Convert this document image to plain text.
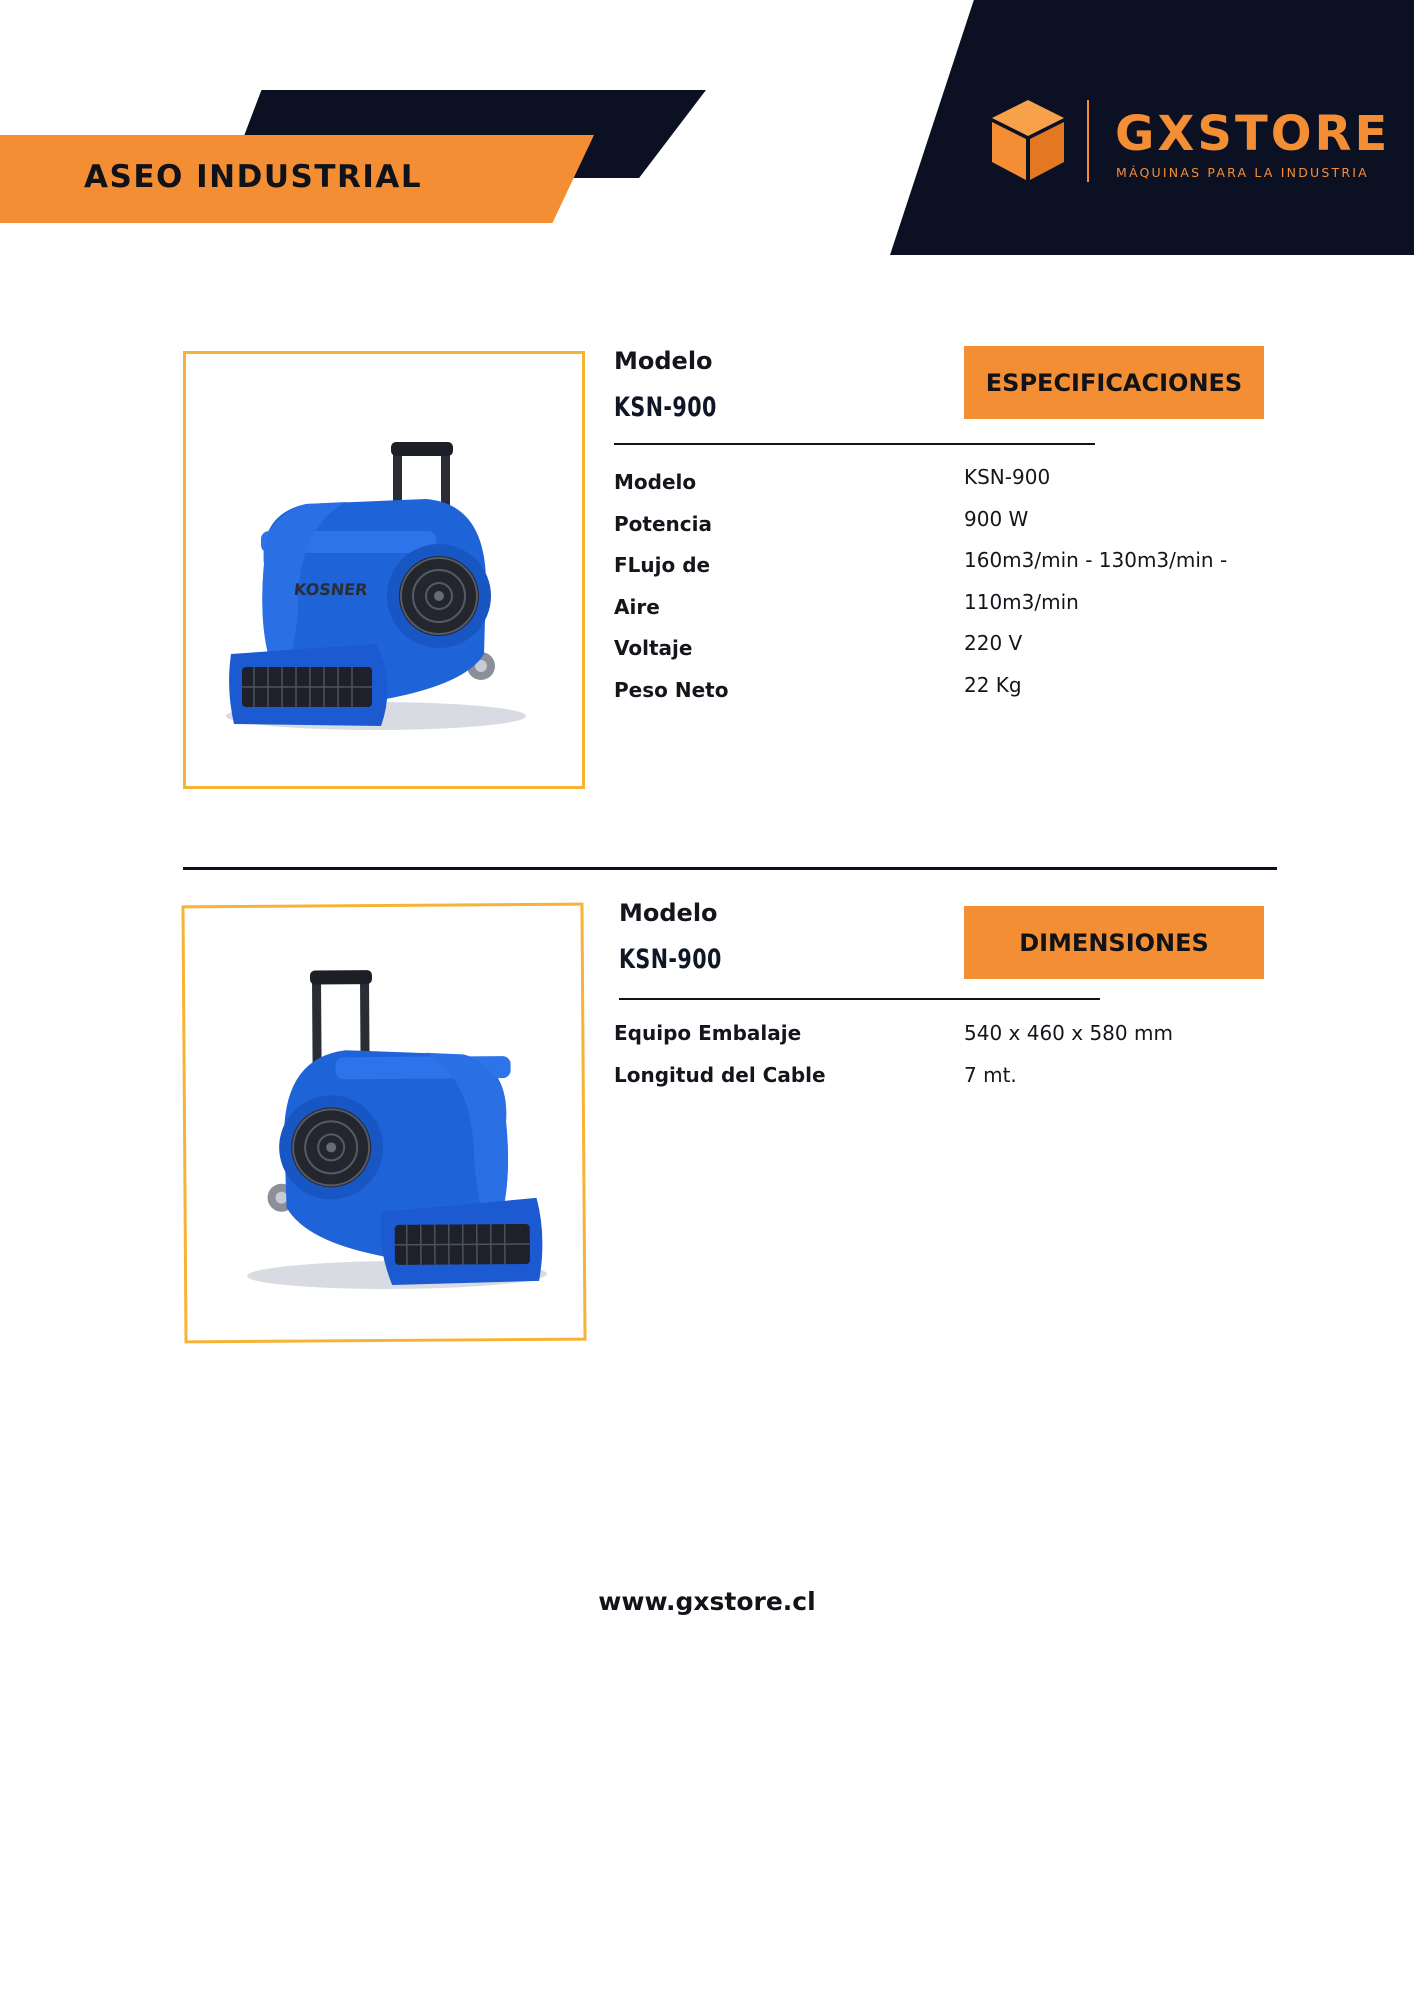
ASEO INDUSTRIAL
GXSTORE
MÁQUINAS PARA LA INDUSTRIA
KOSNER
Modelo
KSN-900
ESPECIFICACIONES
Modelo
Potencia
FLujo de
Aire
Voltaje
Peso Neto
KSN-900
900 W
160m3/min - 130m3/min -
110m3/min
220 V
22 Kg
Modelo
KSN-900
DIMENSIONES
Equipo Embalaje
Longitud del Cable
540 x 460 x 580 mm
7 mt.
www.gxstore.cl
